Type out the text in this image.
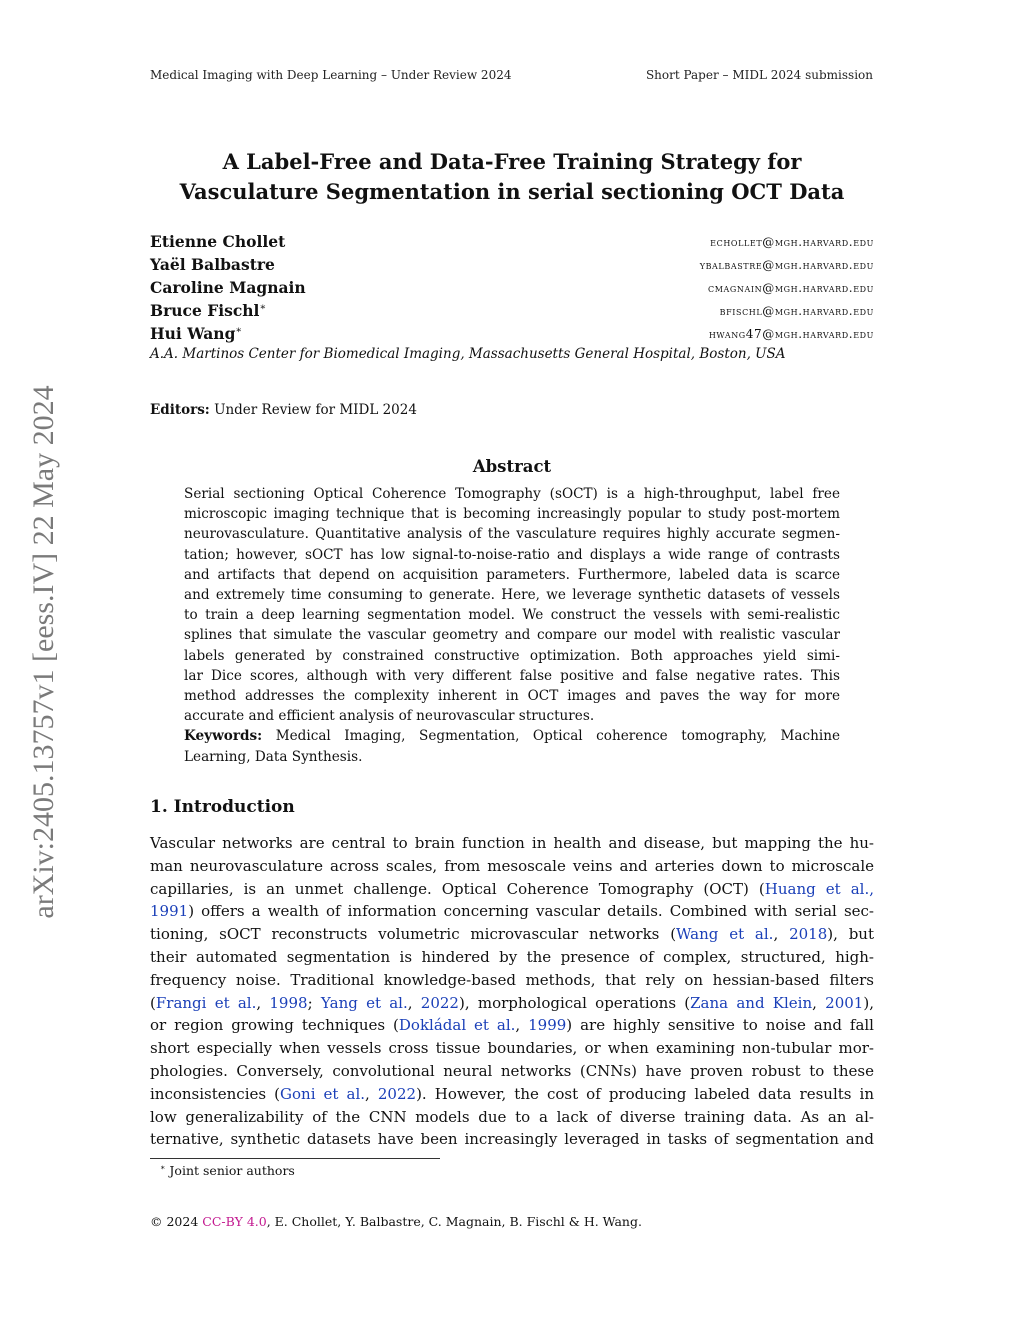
Medical Imaging with Deep Learning – Under Review 2024	Short Paper – MIDL 2024 submission
A Label-Free and Data-Free Training Strategy for
Vasculature Segmentation in serial sectioning OCT Data
Etienne Chollet	echollet@mgh.harvard.edu
Yaël Balbastre	ybalbastre@mgh.harvard.edu
Caroline Magnain	cmagnain@mgh.harvard.edu
Bruce Fischl∗	bfischl@mgh.harvard.edu
Hui Wang∗	hwang47@mgh.harvard.edu
A.A. Martinos Center for Biomedical Imaging, Massachusetts General Hospital, Boston, USA
Editors: Under Review for MIDL 2024
Abstract
Serial sectioning Optical Coherence Tomography (sOCT) is a high-throughput, label free
microscopic imaging technique that is becoming increasingly popular to study post-mortem
neurovasculature. Quantitative analysis of the vasculature requires highly accurate segmen-
tation; however, sOCT has low signal-to-noise-ratio and displays a wide range of contrasts
and artifacts that depend on acquisition parameters. Furthermore, labeled data is scarce
and extremely time consuming to generate. Here, we leverage synthetic datasets of vessels
to train a deep learning segmentation model. We construct the vessels with semi-realistic
splines that simulate the vascular geometry and compare our model with realistic vascular
labels generated by constrained constructive optimization. Both approaches yield simi-
lar Dice scores, although with very different false positive and false negative rates. This
method addresses the complexity inherent in OCT images and paves the way for more
accurate and efficient analysis of neurovascular structures.
Keywords: Medical Imaging, Segmentation, Optical coherence tomography, Machine
Learning, Data Synthesis.
1. Introduction
Vascular networks are central to brain function in health and disease, but mapping the hu-
man neurovasculature across scales, from mesoscale veins and arteries down to microscale
capillaries, is an unmet challenge. Optical Coherence Tomography (OCT) (Huang et al.,
1991) offers a wealth of information concerning vascular details. Combined with serial sec-
tioning, sOCT reconstructs volumetric microvascular networks (Wang et al., 2018), but
their automated segmentation is hindered by the presence of complex, structured, high-
frequency noise. Traditional knowledge-based methods, that rely on hessian-based filters
(Frangi et al., 1998; Yang et al., 2022), morphological operations (Zana and Klein, 2001),
or region growing techniques (Dokládal et al., 1999) are highly sensitive to noise and fall
short especially when vessels cross tissue boundaries, or when examining non-tubular mor-
phologies. Conversely, convolutional neural networks (CNNs) have proven robust to these
inconsistencies (Goni et al., 2022). However, the cost of producing labeled data results in
low generalizability of the CNN models due to a lack of diverse training data. As an al-
ternative, synthetic datasets have been increasingly leveraged in tasks of segmentation and
∗ Joint senior authors
© 2024 CC-BY 4.0, E. Chollet, Y. Balbastre, C. Magnain, B. Fischl & H. Wang.
arXiv:2405.13757v1 [eess.IV] 22 May 2024
